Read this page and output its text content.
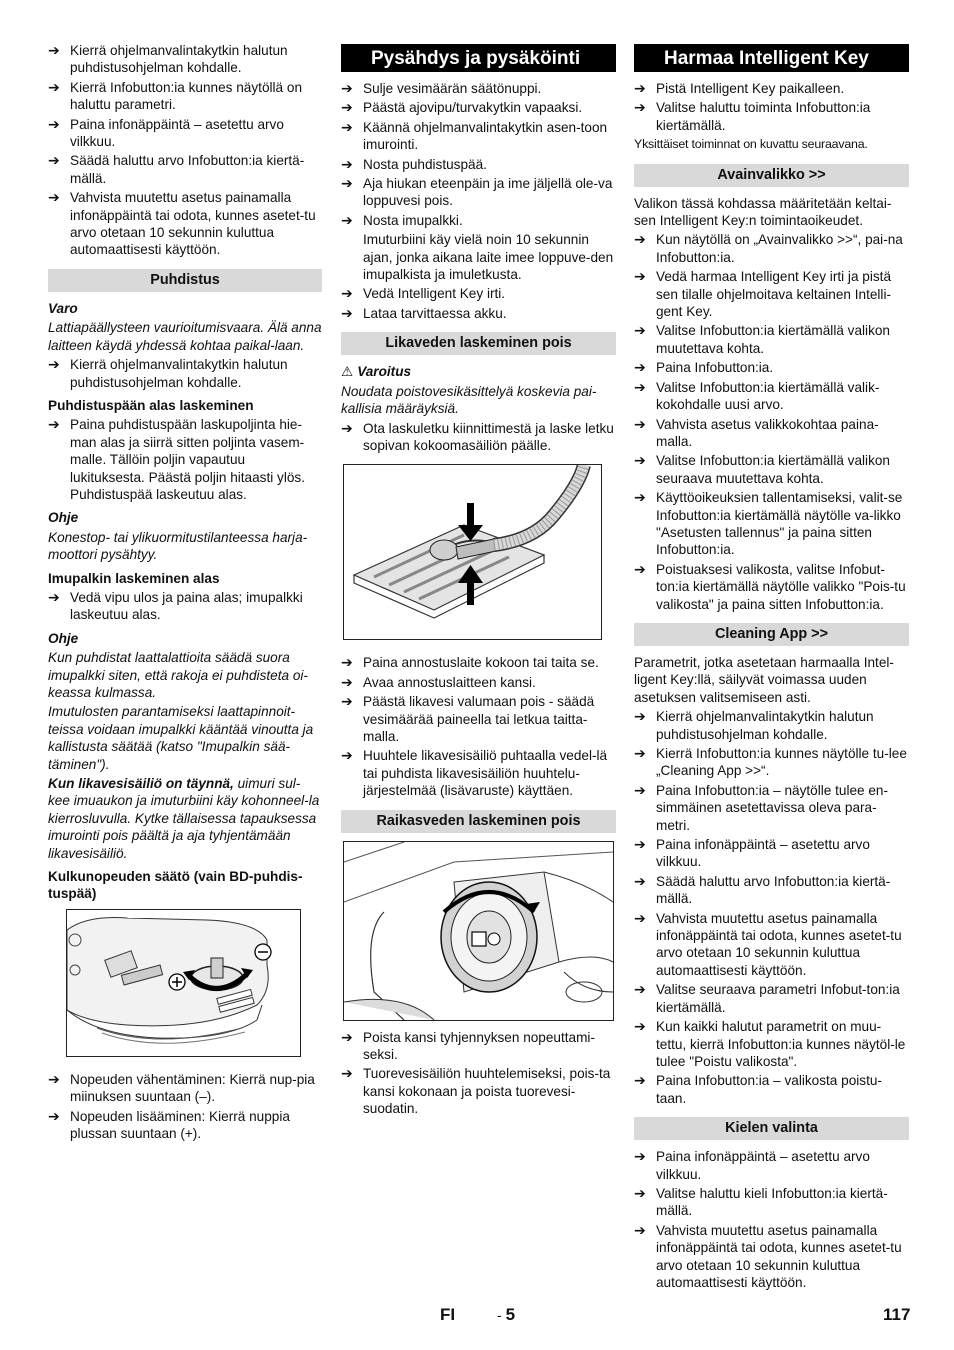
➔ Kierrä ohjelmanvalintakytkin halutun puhdistusohjelman kohdalle.
➔ Kierrä Infobutton:ia kunnes näytöllä on haluttu parametri.
➔ Paina infonäppäintä – asetettu arvo vilkkuu.
➔ Säädä haluttu arvo Infobutton:ia kiertä-mällä.
➔ Vahvista muutettu asetus painamalla infonäppäintä tai odota, kunnes asetet-tu arvo otetaan 10 sekunnin kuluttua automaattisesti käyttöön.
Puhdistus
Varo
Lattiapäällysteen vaurioitumisvaara. Älä anna laitteen käydä yhdessä kohtaa paikal-laan.
➔ Kierrä ohjelmanvalintakytkin halutun puhdistusohjelman kohdalle.
Puhdistuspään alas laskeminen
➔ Paina puhdistuspään laskupoljinta hie-man alas ja siirrä sitten poljinta vasem-malle. Tällöin poljin vapautuu lukituksesta. Päästä poljin hitaasti ylös.
Puhdistuspää laskeutuu alas.
Ohje
Konestop- tai ylikuormitustilanteessa harja-moottori pysähtyy.
Imupalkin laskeminen alas
➔ Vedä vipu ulos ja paina alas; imupalkki laskeutuu alas.
Ohje
Kun puhdistat laattalattioita säädä suora imupalkki siten, että rakoja ei puhdisteta oi-keassa kulmassa.
Imutulosten parantamiseksi laattapinnoit-teissa voidaan imupalkki kääntää vinoutta ja kallistusta säätää (katso "Imupalkin sää-täminen").
Kun likavesisäiliö on täynnä, uimuri sul-kee imuaukon ja imuturbiini käy kohonneel-la kierrosluvulla. Kytke tällaisessa tapauksessa imurointi pois päältä ja aja tyhjentämään likavesisäiliö.
Kulkunopeuden säätö (vain BD-puhdis-tuspää)
➔ Nopeuden vähentäminen: Kierrä nup-pia miinuksen suuntaan (–).
➔ Nopeuden lisääminen: Kierrä nuppia plussan suuntaan (+).
Pysähdys ja pysäköinti
➔ Sulje vesimäärän säätönuppi.
➔ Päästä ajovipu/turvakytkin vapaaksi.
➔ Käännä ohjelmanvalintakytkin asen-toon imurointi.
➔ Nosta puhdistuspää.
➔ Aja hiukan eteenpäin ja ime jäljellä ole-va loppuvesi pois.
➔ Nosta imupalkki.
Imuturbiini käy vielä noin 10 sekunnin ajan, jonka aikana laite imee loppuve-den imupalkista ja imuletkusta.
➔ Vedä Intelligent Key irti.
➔ Lataa tarvittaessa akku.
Likaveden laskeminen pois
⚠ Varoitus
Noudata poistovesikäsittelyä koskevia pai-kallisia määräyksiä.
➔ Ota laskuletku kiinnittimestä ja laske letku sopivan kokoomasäiliön päälle.
➔ Paina annostuslaite kokoon tai taita se.
➔ Avaa annostuslaitteen kansi.
➔ Päästä likavesi valumaan pois - säädä vesimäärää paineella tai letkua taitta-malla.
➔ Huuhtele likavesisäiliö puhtaalla vedel-lä tai puhdista likavesisäiliön huuhtelu-järjestelmää (lisävaruste) käyttäen.
Raikasveden laskeminen pois
➔ Poista kansi tyhjennyksen nopeuttami-seksi.
➔ Tuorevesisäiliön huuhtelemiseksi, pois-ta kansi kokonaan ja poista tuorevesi-suodatin.
Harmaa Intelligent Key
➔ Pistä Intelligent Key paikalleen.
➔ Valitse haluttu toiminta Infobutton:ia kiertämällä.
Yksittäiset toiminnat on kuvattu seuraavana.
Avainvalikko >>
Valikon tässä kohdassa määritetään keltai-sen Intelligent Key:n toimintaoikeudet.
➔ Kun näytöllä on „Avainvalikko >>“, pai-na Infobutton:ia.
➔ Vedä harmaa Intelligent Key irti ja pistä sen tilalle ohjelmoitava keltainen Intelli-gent Key.
➔ Valitse Infobutton:ia kiertämällä valikon muutettava kohta.
➔ Paina Infobutton:ia.
➔ Valitse Infobutton:ia kiertämällä valik-kokohdalle uusi arvo.
➔ Vahvista asetus valikkokohtaa paina-malla.
➔ Valitse Infobutton:ia kiertämällä valikon seuraava muutettava kohta.
➔ Käyttöoikeuksien tallentamiseksi, valit-se Infobutton:ia kiertämällä näytölle va-likko "Asetusten tallennus" ja paina sitten Infobutton:ia.
➔ Poistuaksesi valikosta, valitse Infobut-ton:ia kiertämällä näytölle valikko "Pois-tu valikosta" ja paina sitten Infobutton:ia.
Cleaning App >>
Parametrit, jotka asetetaan harmaalla Intel-ligent Key:llä, säilyvät voimassa uuden asetuksen valitsemiseen asti.
➔ Kierrä ohjelmanvalintakytkin halutun puhdistusohjelman kohdalle.
➔ Kierrä Infobutton:ia kunnes näytölle tu-lee „Cleaning App >>“.
➔ Paina Infobutton:ia – näytölle tulee en-simmäinen asetettavissa oleva para-metri.
➔ Paina infonäppäintä – asetettu arvo vilkkuu.
➔ Säädä haluttu arvo Infobutton:ia kiertä-mällä.
➔ Vahvista muutettu asetus painamalla infonäppäintä tai odota, kunnes asetet-tu arvo otetaan 10 sekunnin kuluttua automaattisesti käyttöön.
➔ Valitse seuraava parametri Infobut-ton:ia kiertämällä.
➔ Kun kaikki halutut parametrit on muu-tettu, kierrä Infobutton:ia kunnes näytöl-le tulee "Poistu valikosta".
➔ Paina Infobutton:ia – valikosta poistu-taan.
Kielen valinta
➔ Paina infonäppäintä – asetettu arvo vilkkuu.
➔ Valitse haluttu kieli Infobutton:ia kiertä-mällä.
➔ Vahvista muutettu asetus painamalla infonäppäintä tai odota, kunnes asetet-tu arvo otetaan 10 sekunnin kuluttua automaattisesti käyttöön.
FI	- 5	117
